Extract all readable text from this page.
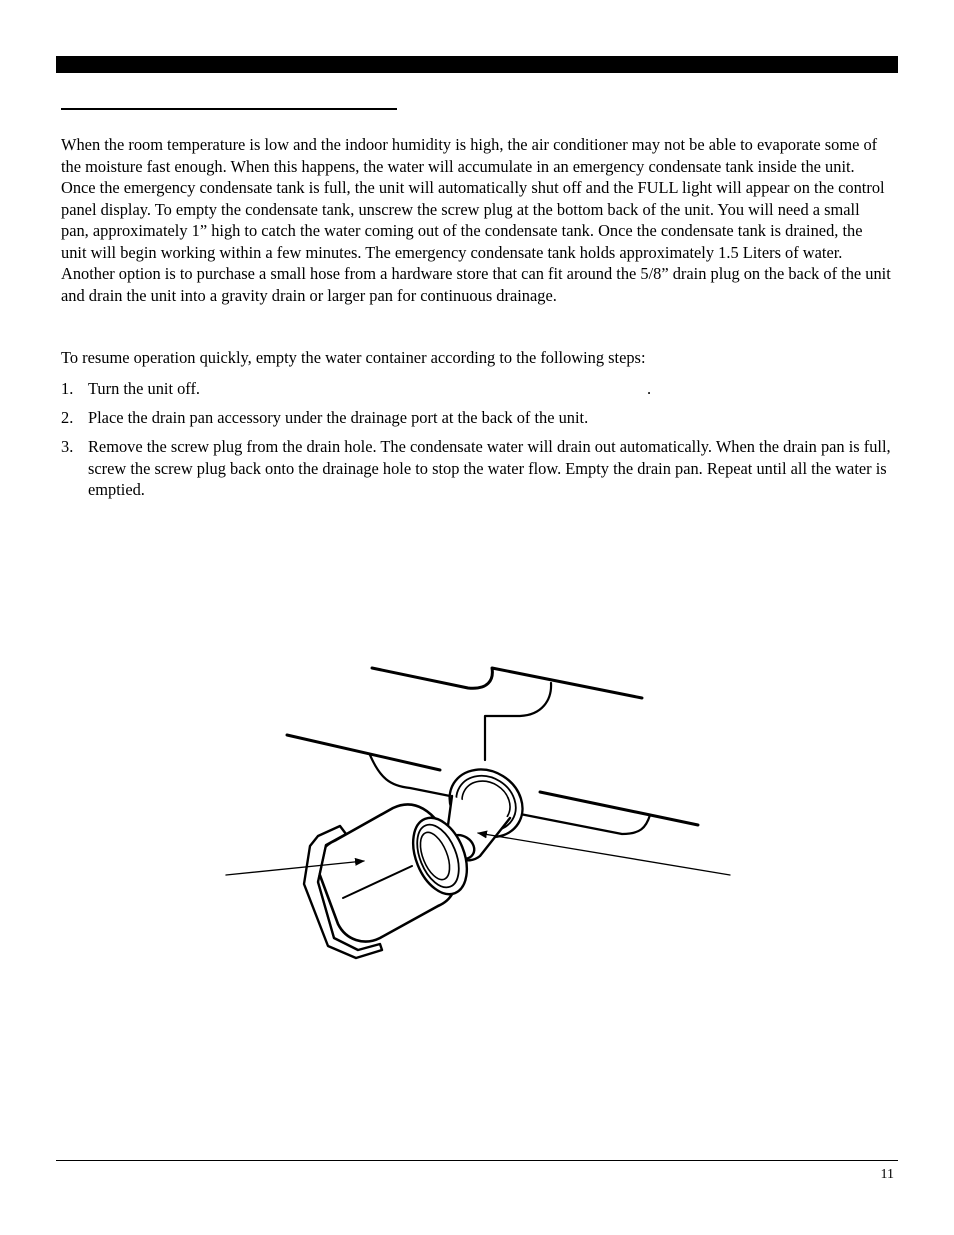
When the room temperature is low and the indoor humidity is high, the air conditioner may not be able to evaporate some of the moisture fast enough. When this happens, the water will accumulate in an emergency condensate tank inside the unit. Once the emergency condensate tank is full, the unit will automatically shut off and the FULL light will appear on the control panel display. To empty the condensate tank, unscrew the screw plug at the bottom back of the unit. You will need a small pan, approximately 1” high to catch the water coming out of the condensate tank. Once the condensate tank is drained, the unit will begin working within a few minutes. The emergency condensate tank holds approximately 1.5 Liters of water. Another option is to purchase a small hose from a hardware store that can fit around the 5/8” drain plug on the back of the unit and drain the unit into a gravity drain or larger pan for continuous drainage.

To resume operation quickly, empty the water container according to the following steps:

1. Turn the unit off.	.
2. Place the drain pan accessory under the drainage port at the back of the unit.
3. Remove the screw plug from the drain hole. The condensate water will drain out automatically. When the drain pan is full, screw the screw plug back onto the drainage hole to stop the water flow. Empty the drain pan. Repeat until all the water is emptied.
11
